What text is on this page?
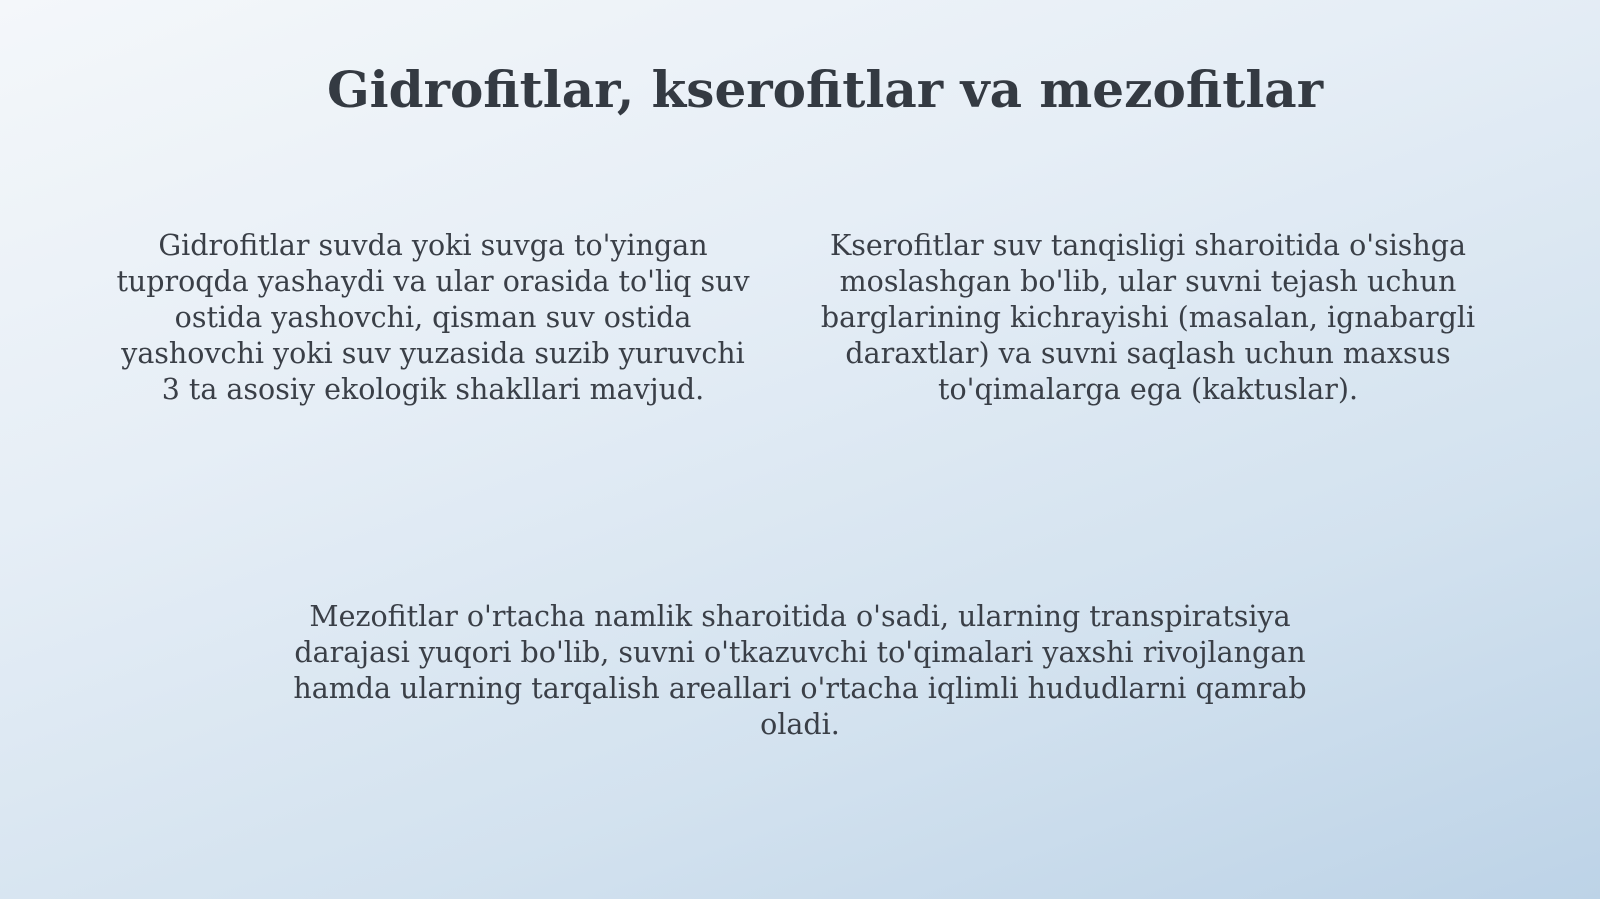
Gidrofitlar, kserofitlar va mezofitlar
Gidrofitlar suvda yoki suvga to'yingan
tuproqda yashaydi va ular orasida to'liq suv
ostida yashovchi, qisman suv ostida
yashovchi yoki suv yuzasida suzib yuruvchi
3 ta asosiy ekologik shakllari mavjud.
Kserofitlar suv tanqisligi sharoitida o'sishga
moslashgan bo'lib, ular suvni tejash uchun
barglarining kichrayishi (masalan, ignabargli
daraxtlar) va suvni saqlash uchun maxsus
to'qimalarga ega (kaktuslar).
Mezofitlar o'rtacha namlik sharoitida o'sadi, ularning transpiratsiya
darajasi yuqori bo'lib, suvni o'tkazuvchi to'qimalari yaxshi rivojlangan
hamda ularning tarqalish areallari o'rtacha iqlimli hududlarni qamrab
oladi.
